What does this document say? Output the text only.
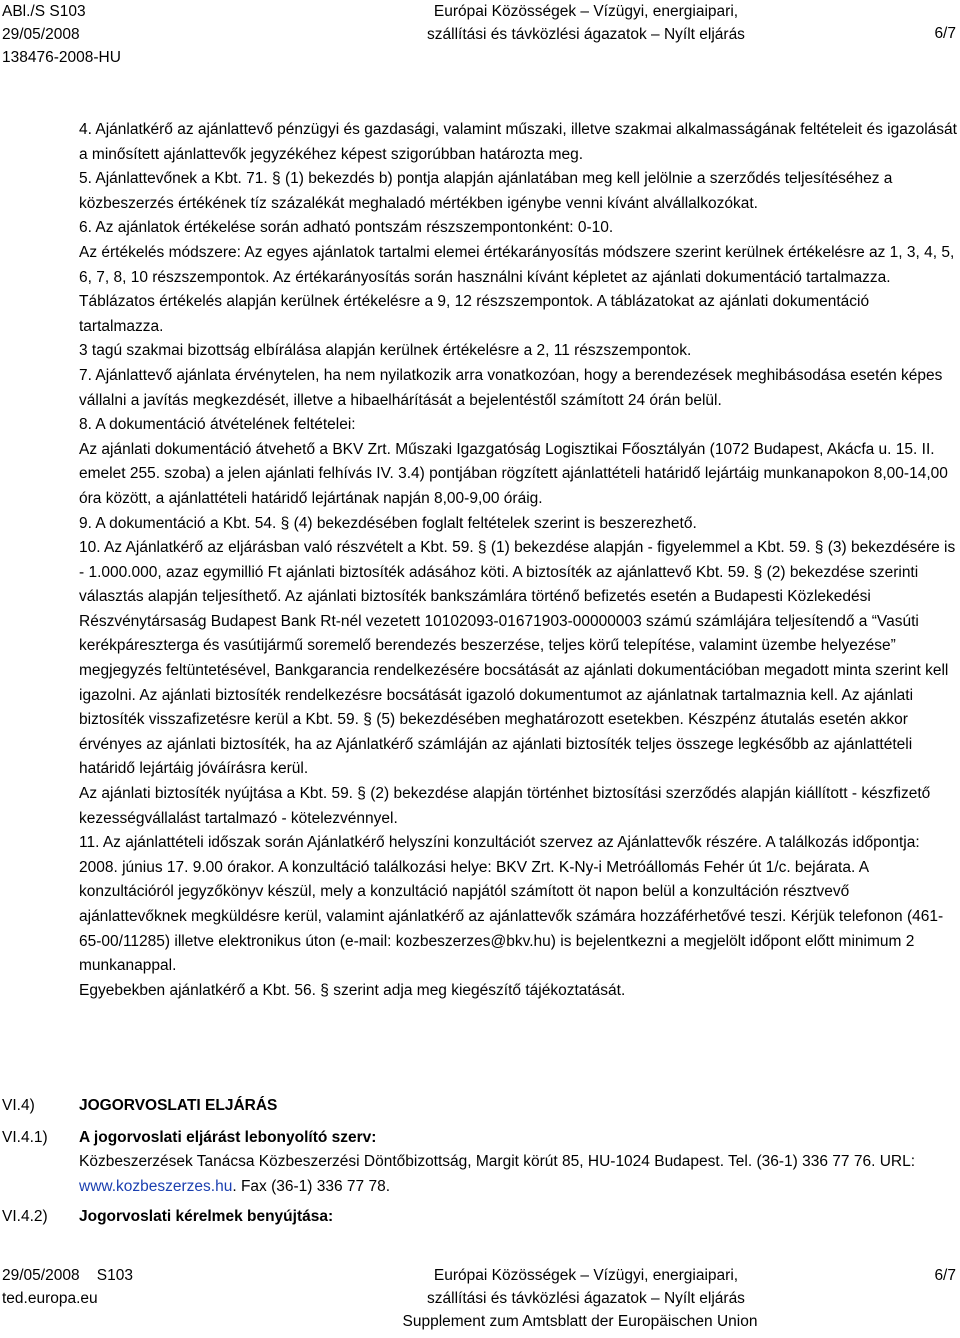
ABl./S S103
29/05/2008
138476-2008-HU
Európai Közösségek – Vízügyi, energiaipari,
szállítási és távközlési ágazatok – Nyílt eljárás	6/7

4. Ajánlatkérő az ajánlattevő pénzügyi és gazdasági, valamint műszaki, illetve szakmai alkalmasságának feltételeit és igazolását a minősített ajánlattevők jegyzékéhez képest szigorúbban határozta meg.

5. Ajánlattevőnek a Kbt. 71. § (1) bekezdés b) pontja alapján ajánlatában meg kell jelölnie a szerződés teljesítéséhez a közbeszerzés értékének tíz százalékát meghaladó mértékben igénybe venni kívánt alvállalkozókat.

6. Az ajánlatok értékelése során adható pontszám részszempontonként: 0-10.

Az értékelés módszere: Az egyes ajánlatok tartalmi elemei értékarányosítás módszere szerint kerülnek értékelésre az 1, 3, 4, 5, 6, 7, 8, 10 részszempontok. Az értékarányosítás során használni kívánt képletet az ajánlati dokumentáció tartalmazza.

Táblázatos értékelés alapján kerülnek értékelésre a 9, 12 részszempontok. A táblázatokat az ajánlati dokumentáció tartalmazza.

3 tagú szakmai bizottság elbírálása alapján kerülnek értékelésre a 2, 11 részszempontok.

7. Ajánlattevő ajánlata érvénytelen, ha nem nyilatkozik arra vonatkozóan, hogy a berendezések meghibásodása esetén képes vállalni a javítás megkezdését, illetve a hibaelhárítását a bejelentéstől számított 24 órán belül.

8. A dokumentáció átvételének feltételei:

Az ajánlati dokumentáció átvehető a BKV Zrt. Műszaki Igazgatóság Logisztikai Főosztályán (1072 Budapest, Akácfa u. 15. II. emelet 255. szoba) a jelen ajánlati felhívás IV. 3.4) pontjában rögzített ajánlattételi határidő lejártáig munkanapokon 8,00-14,00 óra között, a ajánlattételi határidő lejártának napján 8,00-9,00 óráig.

9. A dokumentáció a Kbt. 54. § (4) bekezdésében foglalt feltételek szerint is beszerezhető.

10. Az Ajánlatkérő az eljárásban való részvételt a Kbt. 59. § (1) bekezdése alapján - figyelemmel a Kbt. 59. § (3) bekezdésére is - 1.000.000, azaz egymillió Ft ajánlati biztosíték adásához köti. A biztosíték az ajánlattevő Kbt. 59. § (2) bekezdése szerinti választás alapján teljesíthető. Az ajánlati biztosíték bankszámlára történő befizetés esetén a Budapesti Közlekedési Részvénytársaság Budapest Bank Rt-nél vezetett 10102093-01671903-00000003 számú számlájára teljesítendő a “Vasúti kerékpáresztergа és vasútijármű soremelő berendezés beszerzése, teljes körű telepítése, valamint üzembe helyezése” megjegyzés feltüntetésével, Bankgarancia rendelkezésére bocsátását az ajánlati dokumentációban megadott minta szerint kell igazolni. Az ajánlati biztosíték rendelkezésre bocsátását igazoló dokumentumot az ajánlatnak tartalmaznia kell. Az ajánlati biztosíték visszafizetésre kerül a Kbt. 59. § (5) bekezdésében meghatározott esetekben. Készpénz átutalás esetén akkor érvényes az ajánlati biztosíték, ha az Ajánlatkérő számláján az ajánlati biztosíték teljes összege legkésőbb az ajánlattételi határidő lejártáig jóváírásra kerül.

Az ajánlati biztosíték nyújtása a Kbt. 59. § (2) bekezdése alapján történhet biztosítási szerződés alapján kiállított - készfizető kezességvállalást tartalmazó - kötelezvénnyel.

11. Az ajánlattételi időszak során Ajánlatkérő helyszíni konzultációt szervez az Ajánlattevők részére. A találkozás időpontja: 2008. június 17. 9.00 órakor. A konzultáció találkozási helye: BKV Zrt. K-Ny-i Metróállomás Fehér út 1/c. bejárata. A konzultációról jegyzőkönyv készül, mely a konzultáció napjától számított öt napon belül a konzultáción résztvevő ajánlattevőknek megküldésre kerül, valamint ajánlatkérő az ajánlattevők számára hozzáférhetővé teszi. Kérjük telefonon (461-65-00/11285) illetve elektronikus úton (e-mail: kozbeszerzes@bkv.hu) is bejelentkezni a megjelölt időpont előtt minimum 2 munkanappal.

Egyebekben ajánlatkérő a Kbt. 56. § szerint adja meg kiegészítő tájékoztatását.

VI.4)	JOGORVOSLATI ELJÁRÁS
VI.4.1) A jogorvoslati eljárást lebonyolító szerv:
Közbeszerzések Tanácsa Közbeszerzési Döntőbizottság, Margit körút 85, HU-1024 Budapest. Tel. (36-1) 336 77 76. URL: www.kozbeszerzes.hu. Fax (36-1) 336 77 78.
VI.4.2) Jogorvoslati kérelmek benyújtása:
29/05/2008    S103
ted.europa.eu
Európai Közösségek – Vízügyi, energiaipari,
szállítási és távközlési ágazatok – Nyílt eljárás
Supplement zum Amtsblatt der Europäischen Union
6/7
